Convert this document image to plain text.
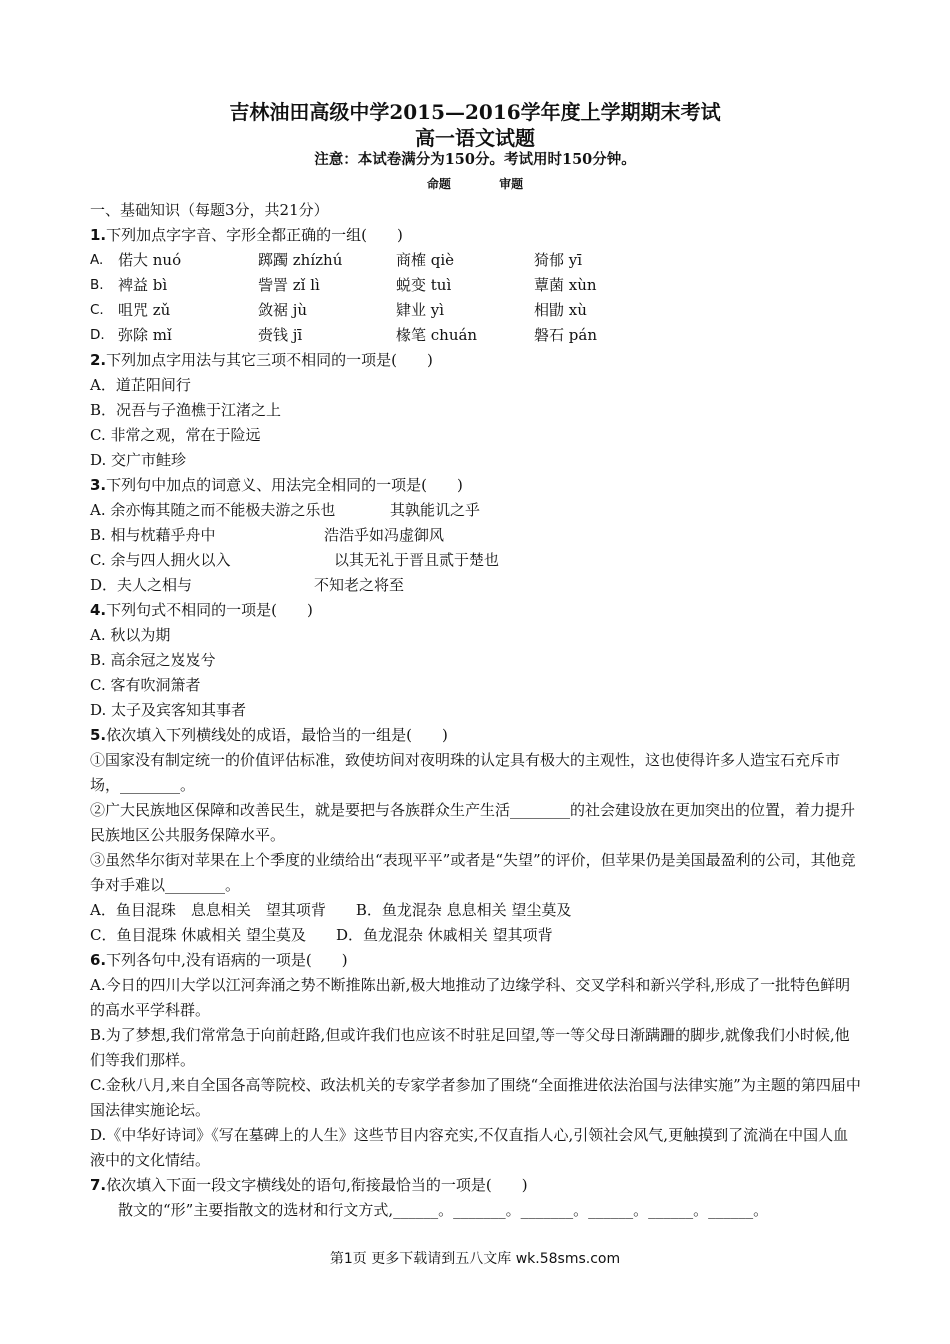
吉林油田高级中学2015—2016学年度上学期期末考试
高一语文试题
注意：本试卷满分为150分。考试用时150分钟。
命题	审题
一、基础知识（每题3分，共21分）
1.下列加点字字音、字形全都正确的一组(　　)
A. 偌大 nuó	踯躅 zhízhú	商榷 qiè	猗郁 yī
B. 裨益 bì	訾詈 zǐ lì	蜕变 tuì	蕈菌 xùn
C. 咀咒 zǔ	敛裾 jù	肄业 yì	相勖 xù
D. 弥除 mǐ	赍钱 jī	椽笔 chuán	磐石 pán
2.下列加点字用法与其它三项不相同的一项是(　　)
A．道芷阳间行
B．况吾与子渔樵于江渚之上
C. 非常之观，常在于险远
D. 交广市鲑珍
3.下列句中加点的词意义、用法完全相同的一项是(　　)
A. 余亦悔其随之而不能极夫游之乐也	其孰能讥之乎
B. 相与枕藉乎舟中	浩浩乎如冯虚御风
C. 余与四人拥火以入	以其无礼于晋且贰于楚也
D．夫人之相与	不知老之将至
4.下列句式不相同的一项是(　　)
A. 秋以为期
B. 高余冠之岌岌兮
C. 客有吹洞箫者
D. 太子及宾客知其事者
5.依次填入下列横线处的成语，最恰当的一组是(　　)
①国家没有制定统一的价值评估标准，致使坊间对夜明珠的认定具有极大的主观性，这也使得许多人造宝石充斥市场，________。
②广大民族地区保障和改善民生，就是要把与各族群众生产生活________的社会建设放在更加突出的位置，着力提升民族地区公共服务保障水平。
③虽然华尔街对苹果在上个季度的业绩给出“表现平平”或者是“失望”的评价，但苹果仍是美国最盈利的公司，其他竞争对手难以________。
A．鱼目混珠　息息相关　望其项背　　B．鱼龙混杂 息息相关 望尘莫及
C．鱼目混珠 休戚相关 望尘莫及　　D．鱼龙混杂 休戚相关 望其项背
6.下列各句中,没有语病的一项是(　　)
A.今日的四川大学以江河奔涌之势不断推陈出新,极大地推动了边缘学科、交叉学科和新兴学科,形成了一批特色鲜明的高水平学科群。
B.为了梦想,我们常常急于向前赶路,但或许我们也应该不时驻足回望,等一等父母日渐蹒跚的脚步,就像我们小时候,他们等我们那样。
C.金秋八月,来自全国各高等院校、政法机关的专家学者参加了围绕“全面推进依法治国与法律实施”为主题的第四届中国法律实施论坛。
D.《中华好诗词》《写在墓碑上的人生》这些节目内容充实,不仅直指人心,引领社会风气,更触摸到了流淌在中国人血液中的文化情结。
7.依次填入下面一段文字横线处的语句,衔接最恰当的一项是(　　)
散文的“形”主要指散文的选材和行文方式,______。_______。_______。______。______。______。
第1页 更多下载请到五八文库 wk.58sms.com
